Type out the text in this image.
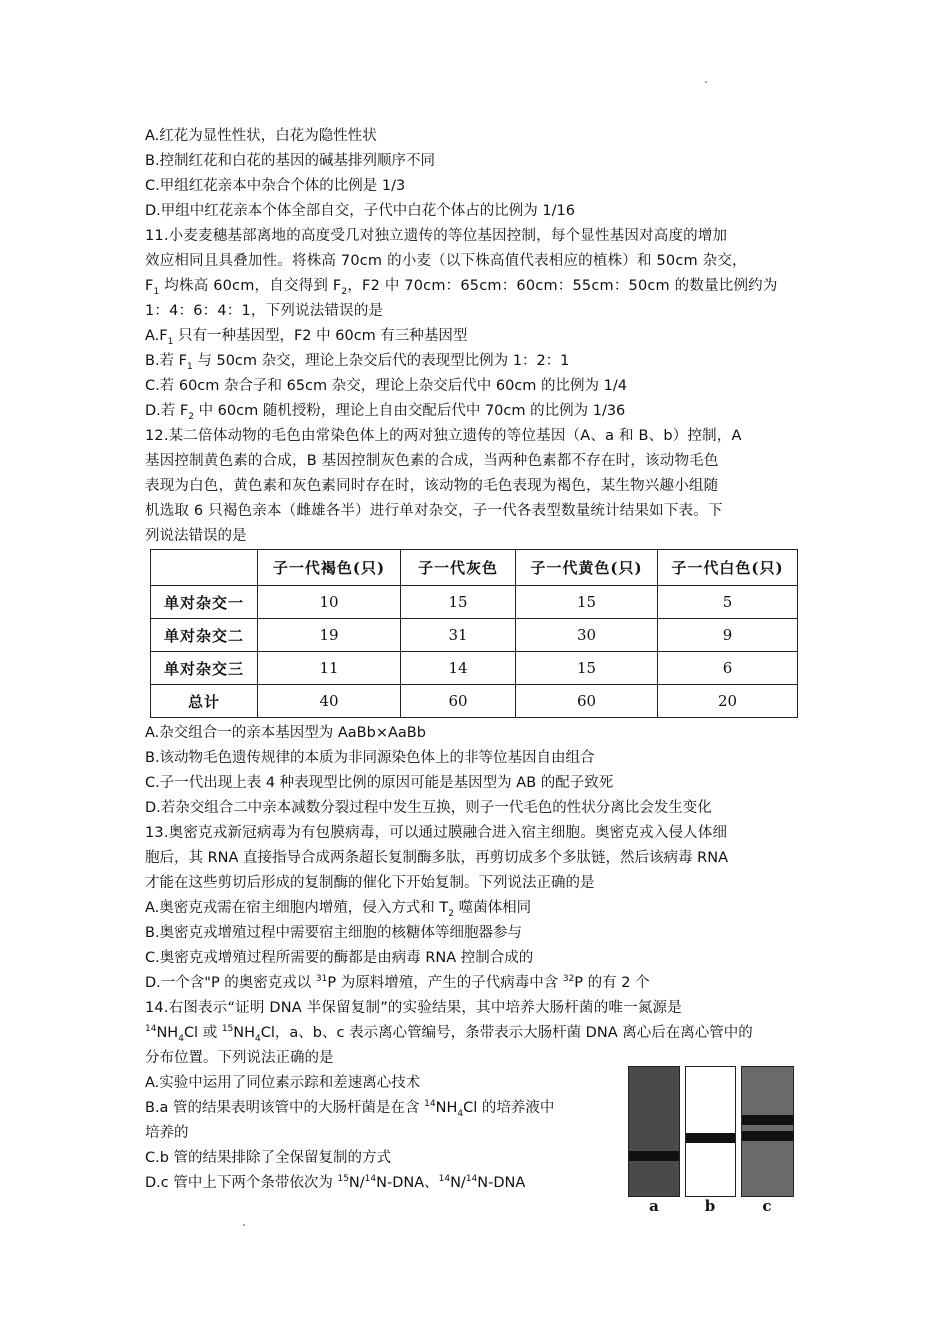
A.红花为显性性状，白花为隐性性状
B.控制红花和白花的基因的碱基排列顺序不同
C.甲组红花亲本中杂合个体的比例是 1/3
D.甲组中红花亲本个体全部自交，子代中白花个体占的比例为 1/16
11.小麦麦穗基部离地的高度受几对独立遗传的等位基因控制，每个显性基因对高度的增加
效应相同且具叠加性。将株高 70cm 的小麦（以下株高值代表相应的植株）和 50cm 杂交，
$F_1$ 均株高 60cm，自交得到 $F_2$，F2 中 70cm：65cm：60cm：55cm：50cm 的数量比例约为
1：4：6：4：1，下列说法错误的是
$A.F_1$ 只有一种基因型，F2 中 60cm 有三种基因型
B.若 $F_1$ 与 50cm 杂交，理论上杂交后代的表现型比例为 1：2：1
C.若 60cm 杂合子和 65cm 杂交，理论上杂交后代中 60cm 的比例为 1/4
D.若 $F_2$ 中 60cm 随机授粉，理论上自由交配后代中 70cm 的比例为 1/36
12.某二倍体动物的毛色由常染色体上的两对独立遗传的等位基因（A、a 和 B、b）控制，A
基因控制黄色素的合成，B 基因控制灰色素的合成，当两种色素都不存在时，该动物毛色
表现为白色，黄色素和灰色素同时存在时，该动物的毛色表现为褐色，某生物兴趣小组随
机选取 6 只褐色亲本（雌雄各半）进行单对杂交，子一代各表型数量统计结果如下表。下
列说法错误的是
	子一代褐色(只)	子一代灰色	子一代黄色(只)	子一代白色(只)
单对杂交一	10	15	15	5
单对杂交二	19	31	30	9
单对杂交三	11	14	15	6
总计	40	60	60	20
A.杂交组合一的亲本基因型为 AaBb×AaBb
B.该动物毛色遗传规律的本质为非同源染色体上的非等位基因自由组合
C.子一代出现上表 4 种表现型比例的原因可能是基因型为 AB 的配子致死
D.若杂交组合二中亲本减数分裂过程中发生互换，则子一代毛色的性状分离比会发生变化
13.奥密克戎新冠病毒为有包膜病毒，可以通过膜融合进入宿主细胞。奥密克戎入侵人体细
胞后，其 RNA 直接指导合成两条超长复制酶多肽，再剪切成多个多肽链，然后该病毒 RNA
才能在这些剪切后形成的复制酶的催化下开始复制。下列说法正确的是
A.奥密克戎需在宿主细胞内增殖，侵入方式和 $T_2$ 噬菌体相同
B.奥密克戎增殖过程中需要宿主细胞的核糖体等细胞器参与
C.奥密克戎增殖过程所需要的酶都是由病毒 RNA 控制合成的
D.一个含"P 的奥密克戎以 $^{31}$P 为原料增殖，产生的子代病毒中含 $^{32}$P 的有 2 个
14.右图表示“证明 DNA 半保留复制”的实验结果，其中培养大肠杆菌的唯一氮源是
$^{14}NH_4Cl$ 或 $^{15}NH_4Cl$，a、b、c 表示离心管编号，条带表示大肠杆菌 DNA 离心后在离心管中的
分布位置。下列说法正确的是
A.实验中运用了同位素示踪和差速离心技术
B.a 管的结果表明该管中的大肠杆菌是在含 $^{14}NH_4Cl$ 的培养液中
培养的
C.b 管的结果排除了全保留复制的方式
D.c 管中上下两个条带依次为 $^{15}$N/$^{14}$N-DNA、$^{14}$N/$^{14}$N-DNA
a	b	c
